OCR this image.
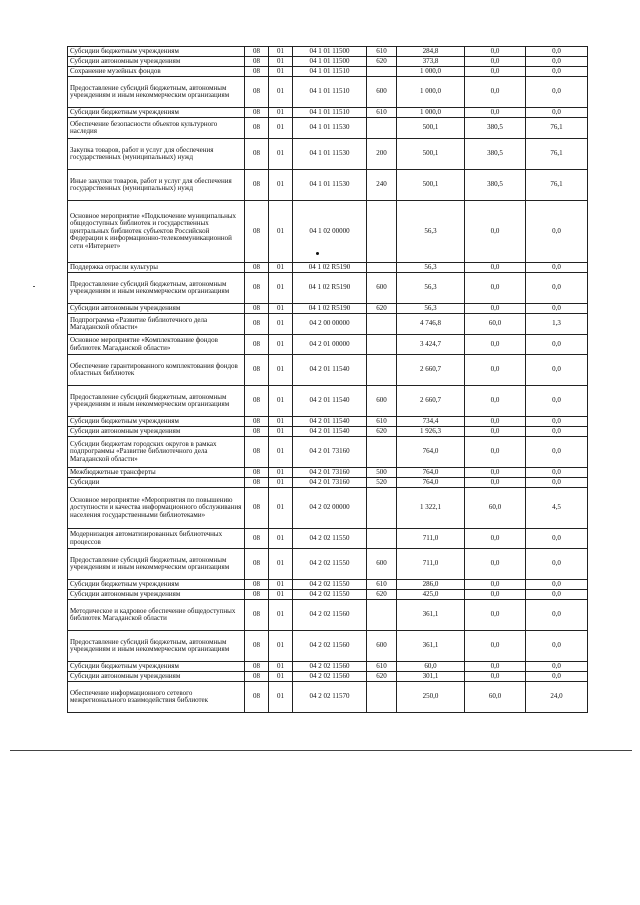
Субсидии бюджетным учреждениям	08	01	04 1 01 11500	610	284,8	0,0	0,0
Субсидии автономным учреждениям	08	01	04 1 01 11500	620	373,8	0,0	0,0
Сохранение музейных фондов	08	01	04 1 01 11510		1 000,0	0,0	0,0
Предоставление субсидий бюджетным, автономным учреждениям и иным некоммерческим организациям	08	01	04 1 01 11510	600	1 000,0	0,0	0,0
Субсидии бюджетным учреждениям	08	01	04 1 01 11510	610	1 000,0	0,0	0,0
Обеспечение безопасности объектов культурного наследия	08	01	04 1 01 11530		500,1	380,5	76,1
Закупка товаров, работ и услуг для обеспечения государственных (муниципальных) нужд	08	01	04 1 01 11530	200	500,1	380,5	76,1
Иные закупки товаров, работ и услуг для обеспечения государственных (муниципальных) нужд	08	01	04 1 01 11530	240	500,1	380,5	76,1
Основное мероприятие «Подключение муниципальных общедоступных библиотек и государственных центральных библиотек субъектов Российской Федерации к информационно-телекоммуникационной сети «Интернет»	08	01	04 1 02 00000		56,3	0,0	0,0
Поддержка отрасли культуры	08	01	04 1 02 R5190		56,3	0,0	0,0
Предоставление субсидий бюджетным, автономным учреждениям и иным некоммерческим организациям	08	01	04 1 02 R5190	600	56,3	0,0	0,0
Субсидии автономным учреждениям	08	01	04 1 02 R5190	620	56,3	0,0	0,0
Подпрограмма «Развитие библиотечного дела Магаданской области»	08	01	04 2 00 00000		4 746,8	60,0	1,3
Основное мероприятие «Комплектование фондов библиотек Магаданской области»	08	01	04 2 01 00000		3 424,7	0,0	0,0
Обеспечение гарантированного комплектования фондов областных библиотек	08	01	04 2 01 11540		2 660,7	0,0	0,0
Предоставление субсидий бюджетным, автономным учреждениям и иным некоммерческим организациям	08	01	04 2 01 11540	600	2 660,7	0,0	0,0
Субсидии бюджетным учреждениям	08	01	04 2 01 11540	610	734,4	0,0	0,0
Субсидии автономным учреждениям	08	01	04 2 01 11540	620	1 926,3	0,0	0,0
Субсидии бюджетам городских округов в рамках подпрограммы «Развитие библиотечного дела Магаданской области»	08	01	04 2 01 73160		764,0	0,0	0,0
Межбюджетные трансферты	08	01	04 2 01 73160	500	764,0	0,0	0,0
Субсидии	08	01	04 2 01 73160	520	764,0	0,0	0,0
Основное мероприятие «Мероприятия по повышению доступности и качества информационного обслуживания населения государственными библиотеками»	08	01	04 2 02 00000		1 322,1	60,0	4,5
Модернизация автоматизированных библиотечных процессов	08	01	04 2 02 11550		711,0	0,0	0,0
Предоставление субсидий бюджетным, автономным учреждениям и иным некоммерческим организациям	08	01	04 2 02 11550	600	711,0	0,0	0,0
Субсидии бюджетным учреждениям	08	01	04 2 02 11550	610	286,0	0,0	0,0
Субсидии автономным учреждениям	08	01	04 2 02 11550	620	425,0	0,0	0,0
Методическое и кадровое обеспечение общедоступных библиотек Магаданской области	08	01	04 2 02 11560		361,1	0,0	0,0
Предоставление субсидий бюджетным, автономным учреждениям и иным некоммерческим организациям	08	01	04 2 02 11560	600	361,1	0,0	0,0
Субсидии бюджетным учреждениям	08	01	04 2 02 11560	610	60,0	0,0	0,0
Субсидии автономным учреждениям	08	01	04 2 02 11560	620	301,1	0,0	0,0
Обеспечение информационного сетевого межрегионального взаимодействия библиотек	08	01	04 2 02 11570		250,0	60,0	24,0
